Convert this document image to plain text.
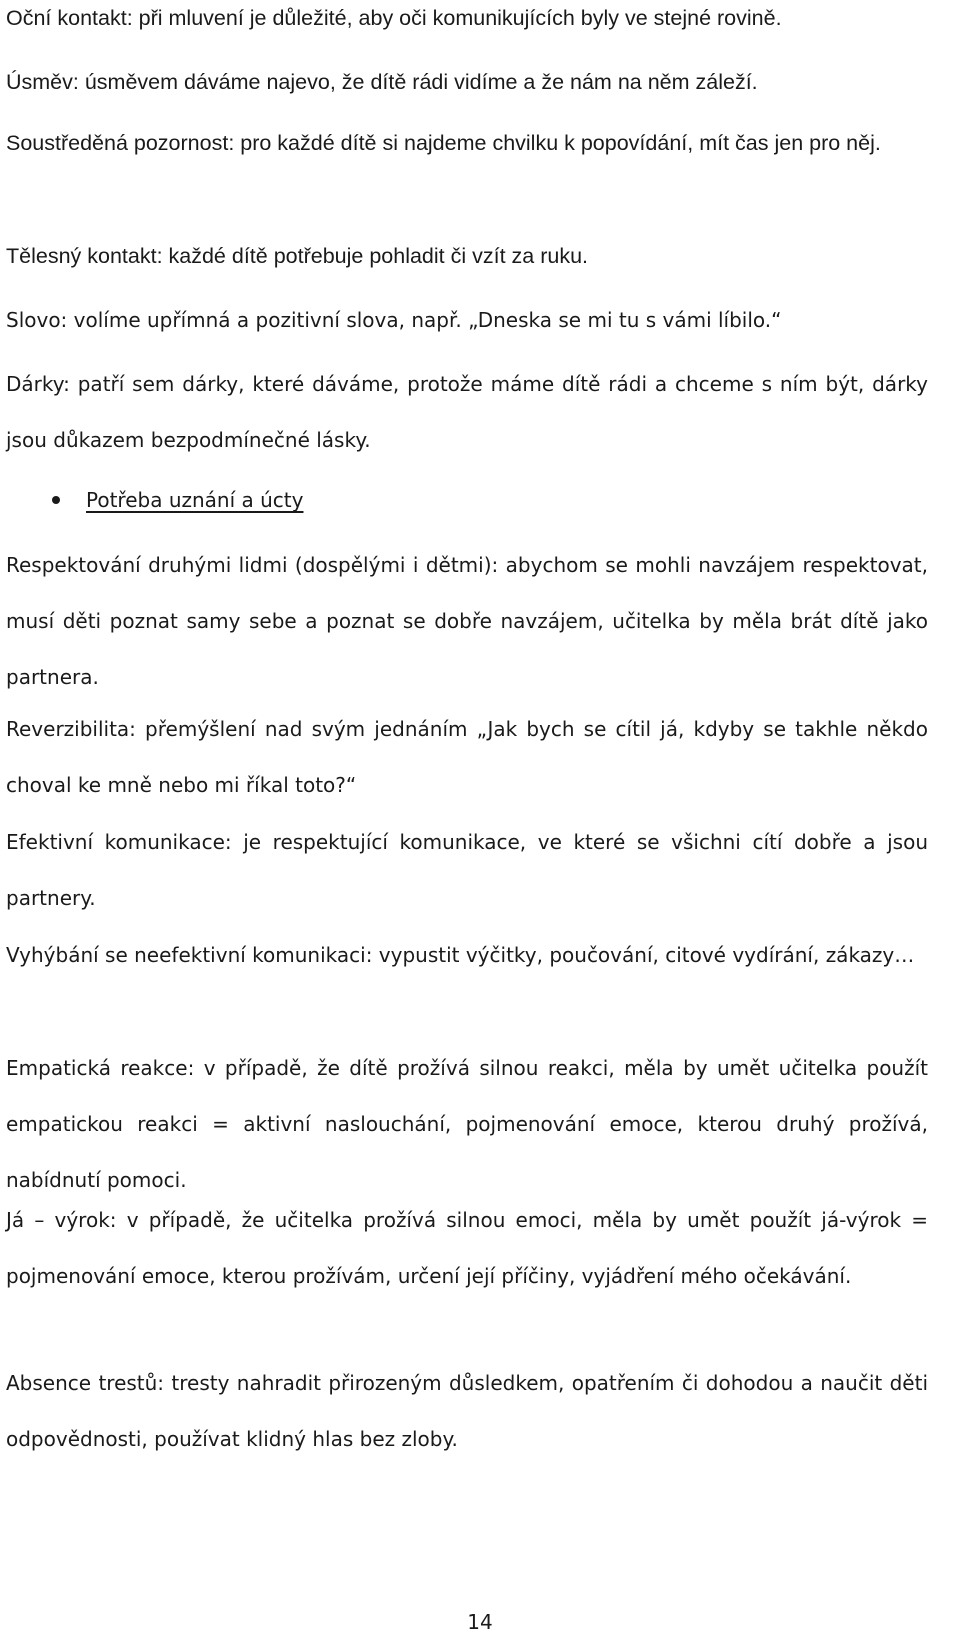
Oční kontakt: při mluvení je důležité, aby oči komunikujících byly ve stejné rovině.

Úsměv: úsměvem dáváme najevo, že dítě rádi vidíme a že nám na něm záleží.

Soustředěná pozornost: pro každé dítě si najdeme chvilku k popovídání, mít čas jen pro něj.

Tělesný kontakt: každé dítě potřebuje pohladit či vzít za ruku.

Slovo: volíme upřímná a pozitivní slova, např. „Dneska se mi tu s vámi líbilo.“

Dárky: patří sem dárky, které dáváme, protože máme dítě rádi a chceme s ním být, dárky jsou důkazem bezpodmínečné lásky.

Potřeba uznání a úcty

Respektování druhými lidmi (dospělými i dětmi): abychom se mohli navzájem respektovat, musí děti poznat samy sebe a poznat se dobře navzájem, učitelka by měla brát dítě jako partnera.

Reverzibilita: přemýšlení nad svým jednáním „Jak bych se cítil já, kdyby se takhle někdo choval ke mně nebo mi říkal toto?“

Efektivní komunikace: je respektující komunikace, ve které se všichni cítí dobře a jsou partnery.

Vyhýbání se neefektivní komunikaci: vypustit výčitky, poučování, citové vydírání, zákazy…

Empatická reakce: v případě, že dítě prožívá silnou reakci, měla by umět učitelka použít empatickou reakci = aktivní naslouchání, pojmenování emoce, kterou druhý prožívá, nabídnutí pomoci.

Já – výrok: v případě, že učitelka prožívá silnou emoci, měla by umět použít já-výrok = pojmenování emoce, kterou prožívám, určení její příčiny, vyjádření mého očekávání.

Absence trestů: tresty nahradit přirozeným důsledkem, opatřením či dohodou a naučit děti odpovědnosti, používat klidný hlas bez zloby.

14
